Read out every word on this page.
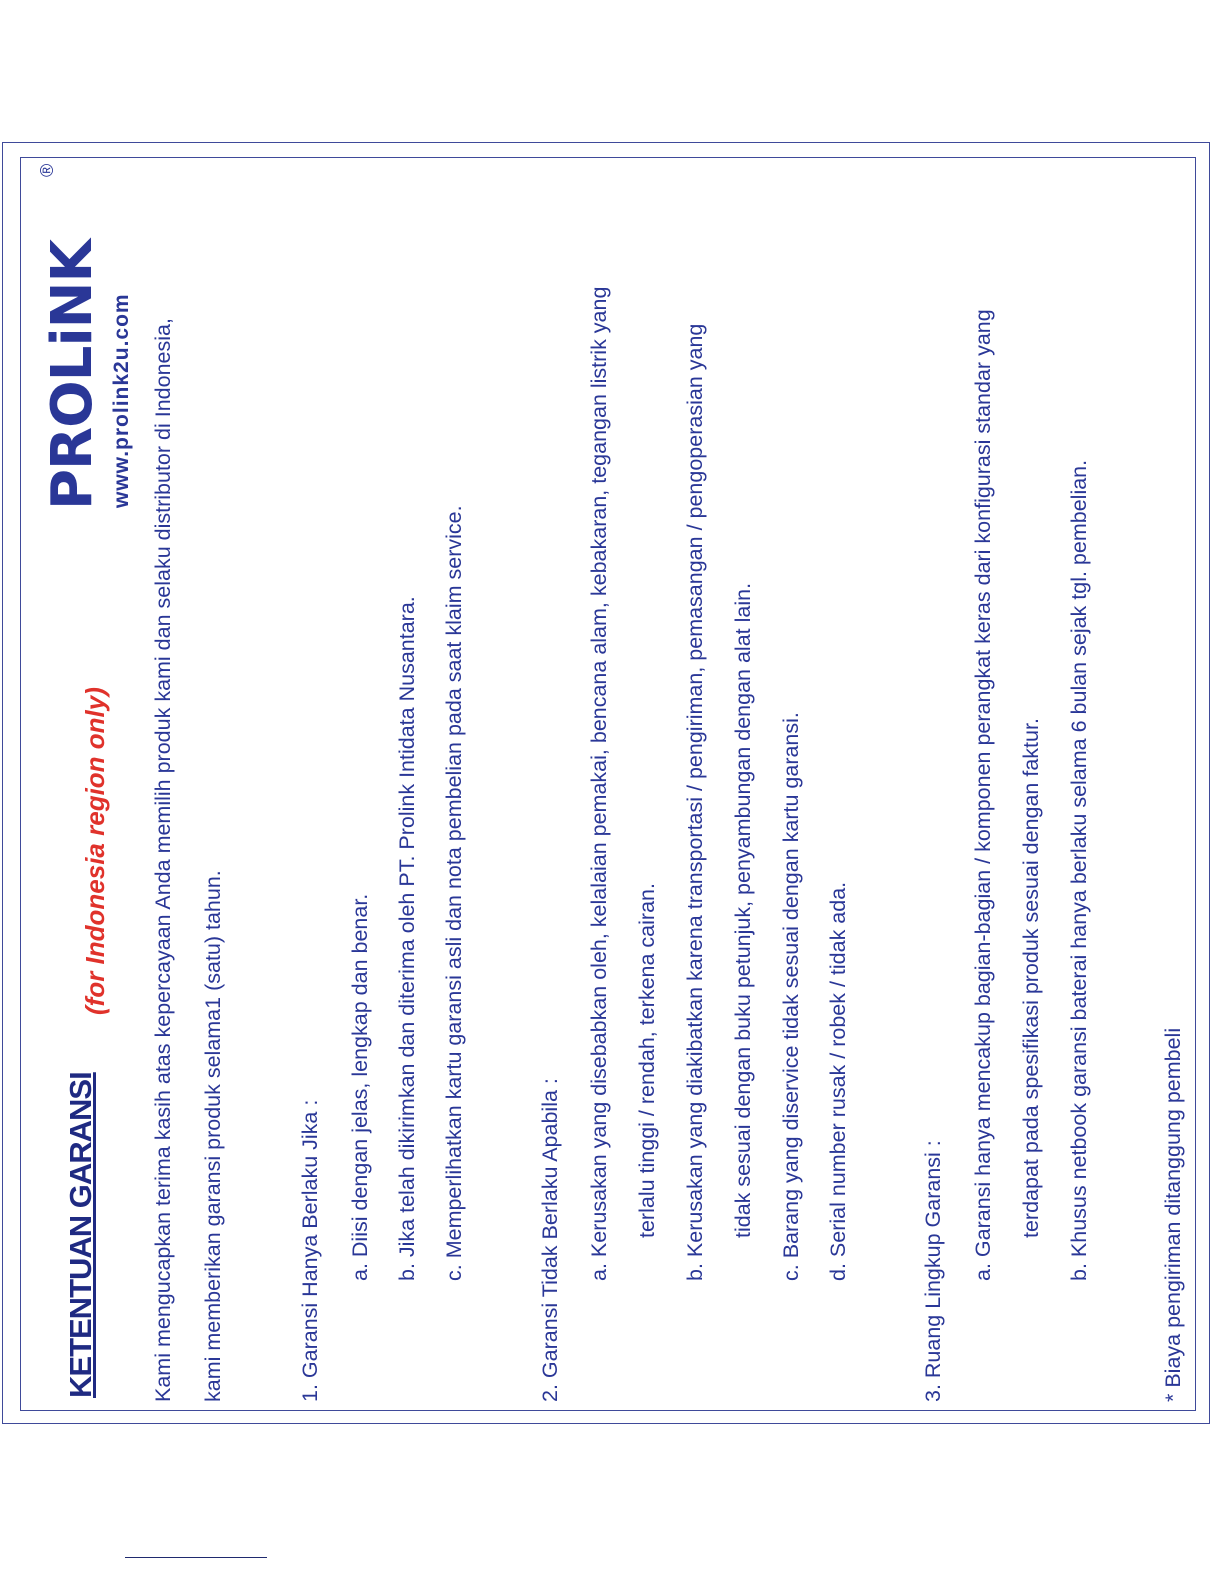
KETENTUAN GARANSI
(for Indonesia region only)
PROLiNK
®
www.prolink2u.com Kami mengucapkan terima kasih atas kepercayaan Anda memilih produk kami dan selaku distributor di Indonesia, kami memberikan garansi produk selama1 (satu) tahun.	1. Garansi Hanya Berlaku Jika : a. Diisi dengan jelas, lengkap dan benar. b. Jika telah dikirimkan dan diterima oleh PT. Prolink Intidata Nusantara. c. Memperlihatkan kartu garansi asli dan nota pembelian pada saat klaim service.	2. Garansi Tidak Berlaku Apabila : a. Kerusakan yang disebabkan oleh, kelalaian pemakai, bencana alam, kebakaran, tegangan listrik yang terlalu tinggi / rendah, terkena cairan. b. Kerusakan yang diakibatkan karena transportasi / pengiriman, pemasangan / pengoperasian yang tidak sesuai dengan buku petunjuk, penyambungan dengan alat lain. c. Barang yang diservice tidak sesuai dengan kartu garansi. d. Serial number rusak / robek / tidak ada.	3. Ruang Lingkup Garansi : a. Garansi hanya mencakup bagian-bagian / komponen perangkat keras dari konfigurasi standar yang terdapat pada spesifikasi produk sesuai dengan faktur. b. Khusus netbook garansi baterai hanya berlaku selama 6 bulan sejak tgl. pembelian.	* Biaya pengiriman ditanggung pembeli
